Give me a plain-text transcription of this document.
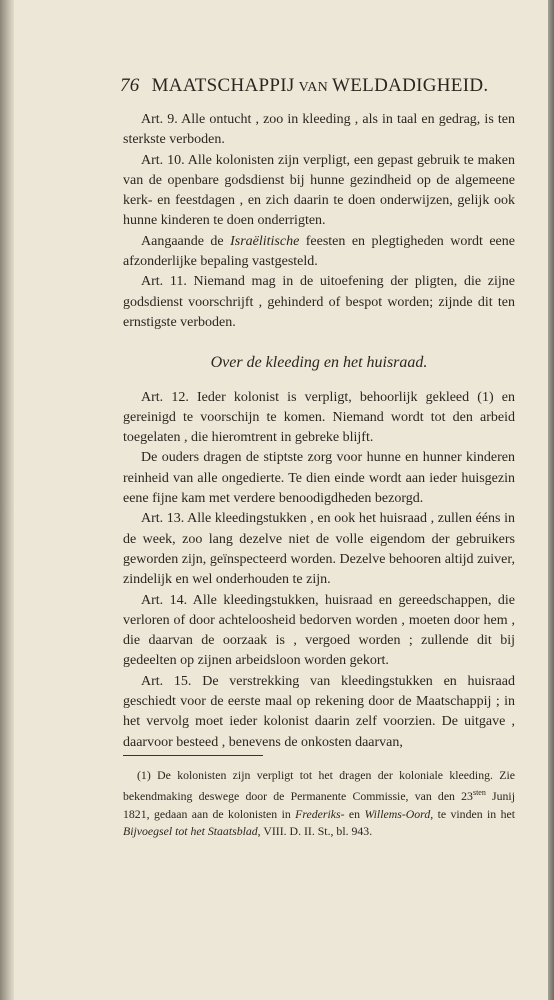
76 MAATSCHAPPIJ VAN WELDADIGHEID.

Art. 9. Alle ontucht , zoo in kleeding , als in taal en gedrag, is ten sterkste verboden.

Art. 10. Alle kolonisten zijn verpligt, een gepast gebruik te maken van de openbare godsdienst bij hunne gezindheid op de algemeene kerk- en feestdagen , en zich daarin te doen onderwijzen, gelijk ook hunne kinderen te doen onderrigten.

Aangaande de Israëlitische feesten en plegtigheden wordt eene afzonderlijke bepaling vastgesteld.

Art. 11. Niemand mag in de uitoefening der pligten, die zijne godsdienst voorschrijft , gehinderd of bespot worden; zijnde dit ten ernstigste verboden.

Over de kleeding en het huisraad.

Art. 12. Ieder kolonist is verpligt, behoorlijk gekleed (1) en gereinigd te voorschijn te komen. Niemand wordt tot den arbeid toegelaten , die hieromtrent in gebreke blijft.

De ouders dragen de stiptste zorg voor hunne en hunner kinderen reinheid van alle ongedierte. Te dien einde wordt aan ieder huisgezin eene fijne kam met verdere benoodigdheden bezorgd.

Art. 13. Alle kleedingstukken , en ook het huisraad , zullen ééns in de week, zoo lang dezelve niet de volle eigendom der gebruikers geworden zijn, geïnspecteerd worden. Dezelve behooren altijd zuiver, zindelijk en wel onderhouden te zijn.

Art. 14. Alle kleedingstukken, huisraad en gereedschappen, die verloren of door achteloosheid bedorven worden , moeten door hem , die daarvan de oorzaak is , vergoed worden ; zullende dit bij gedeelten op zijnen arbeidsloon worden gekort.

Art. 15. De verstrekking van kleedingstukken en huisraad geschiedt voor de eerste maal op rekening door de Maatschappij ; in het vervolg moet ieder kolonist daarin zelf voorzien. De uitgave , daarvoor besteed , benevens de onkosten daarvan,

(1) De kolonisten zijn verpligt tot het dragen der koloniale kleeding. Zie bekendmaking deswege door de Permanente Commissie, van den $23^{sten}$ Junij 1821, gedaan aan de kolonisten in Frederiks- en Willems-Oord, te vinden in het Bijvoegsel tot het Staatsblad, VIII. D. II. St., bl. 943.
